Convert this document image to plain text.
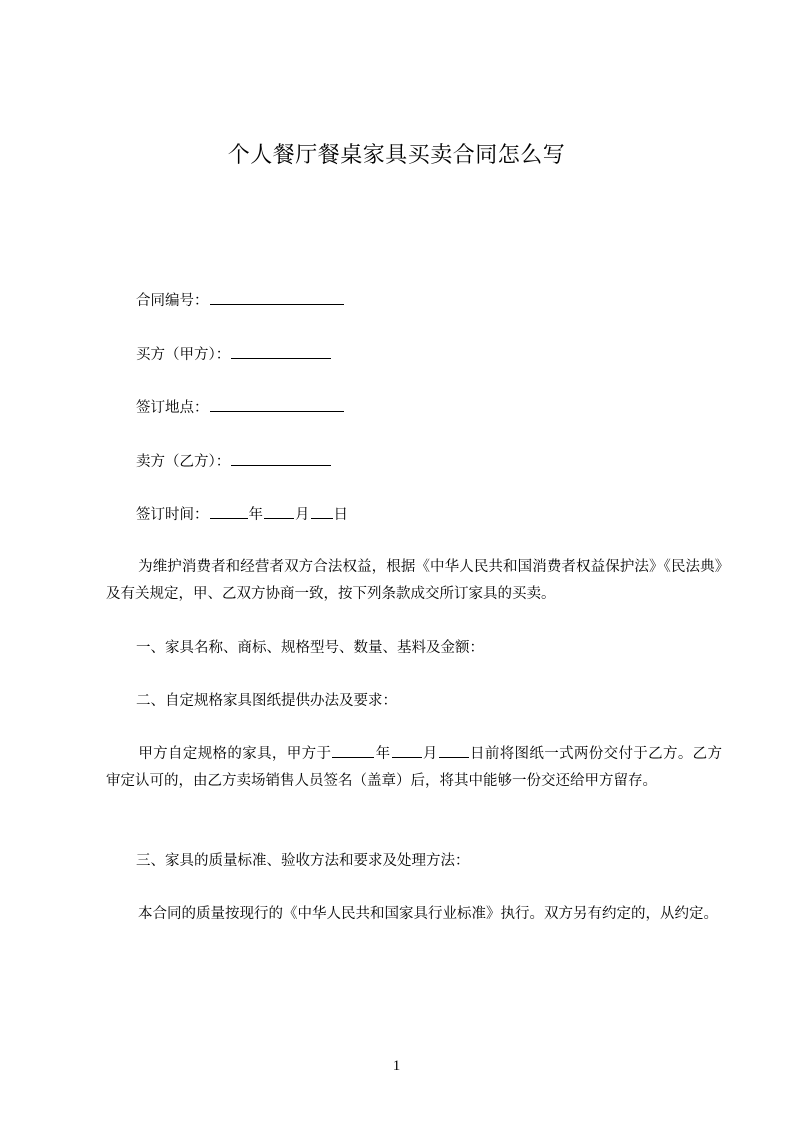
个人餐厅餐桌家具买卖合同怎么写
合同编号：
买方（甲方）：
签订地点：
卖方（乙方）：
签订时间：	年 月 日
为维护消费者和经营者双方合法权益，根据《中华人民共和国消费者权益保护法》《民法典》及有关规定，甲、乙双方协商一致，按下列条款成交所订家具的买卖。
一、家具名称、商标、规格型号、数量、基料及金额：
二、自定规格家具图纸提供办法及要求：
甲方自定规格的家具，甲方于	年 月 日前将图纸一式两份交付于乙方。乙方审定认可的，由乙方卖场销售人员签名（盖章）后，将其中能够一份交还给甲方留存。
三、家具的质量标准、验收方法和要求及处理方法：
本合同的质量按现行的《中华人民共和国家具行业标准》执行。双方另有约定的，从约定。
1
